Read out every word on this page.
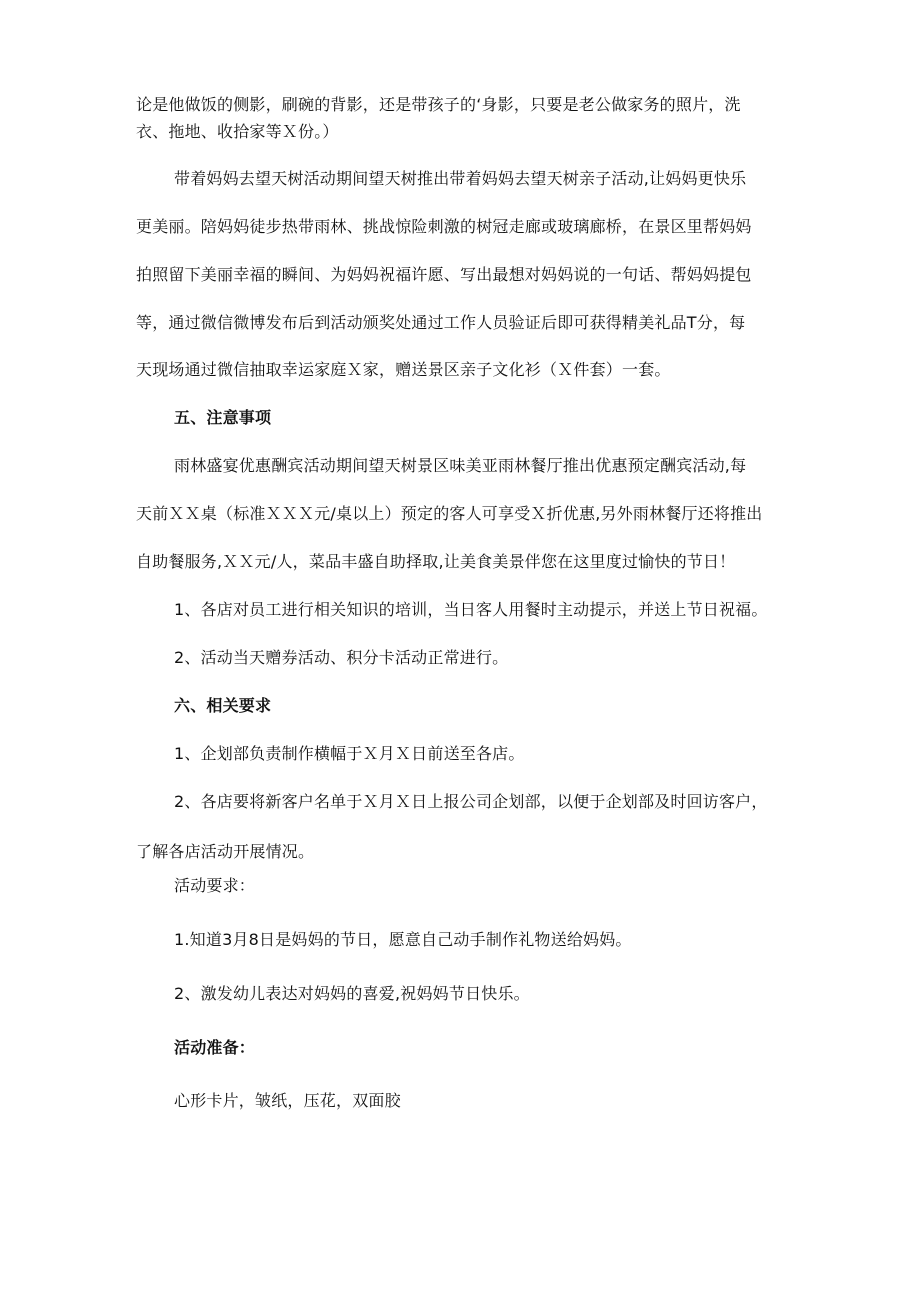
论是他做饭的侧影，刷碗的背影，还是带孩子的‘身影，只要是老公做家务的照片，洗
衣、拖地、收拾家等Ｘ份。）
带着妈妈去望天树活动期间望天树推出带着妈妈去望天树亲子活动,让妈妈更快乐
更美丽。陪妈妈徒步热带雨林、挑战惊险刺激的树冠走廊或玻璃廊桥，在景区里帮妈妈
拍照留下美丽幸福的瞬间、为妈妈祝福许愿、写出最想对妈妈说的一句话、帮妈妈提包
等，通过微信微博发布后到活动颁奖处通过工作人员验证后即可获得精美礼品T分，每
天现场通过微信抽取幸运家庭Ｘ家，赠送景区亲子文化衫（Ｘ件套）一套。
五、注意事项
雨林盛宴优惠酬宾活动期间望天树景区味美亚雨林餐厅推出优惠预定酬宾活动,每
天前ＸＸ桌（标准ＸＸＸ元/桌以上）预定的客人可享受Ｘ折优惠,另外雨林餐厅还将推出
自助餐服务,ＸＸ元/人，菜品丰盛自助择取,让美食美景伴您在这里度过愉快的节日！
1、各店对员工进行相关知识的培训，当日客人用餐时主动提示，并送上节日祝福。
2、活动当天赠券活动、积分卡活动正常进行。
六、相关要求
1、企划部负责制作横幅于Ｘ月Ｘ日前送至各店。
2、各店要将新客户名单于Ｘ月Ｘ日上报公司企划部，以便于企划部及时回访客户，
了解各店活动开展情况。
活动要求：
1.知道3月8日是妈妈的节日，愿意自己动手制作礼物送给妈妈。
2、激发幼儿表达对妈妈的喜爱,祝妈妈节日快乐。
活动准备：
心形卡片，皱纸，压花，双面胶
